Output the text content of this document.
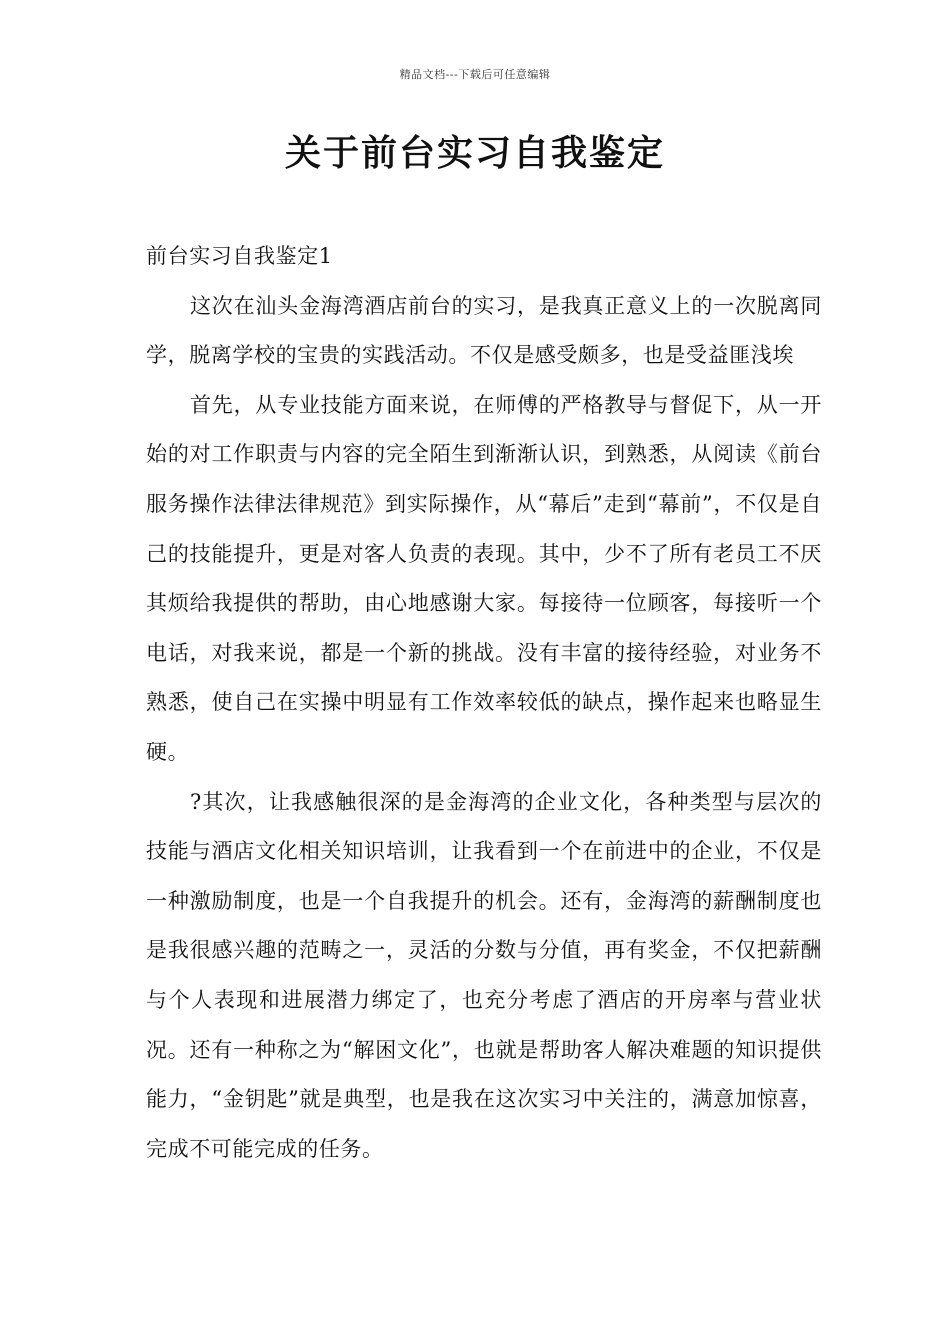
精品文档---下载后可任意编辑
关于前台实习自我鉴定

前台实习自我鉴定1

这次在汕头金海湾酒店前台的实习，是我真正意义上的一次脱离同学，脱离学校的宝贵的实践活动。不仅是感受颇多，也是受益匪浅埃

首先，从专业技能方面来说，在师傅的严格教导与督促下，从一开始的对工作职责与内容的完全陌生到渐渐认识，到熟悉，从阅读《前台服务操作法律法律规范》到实际操作，从“幕后”走到“幕前”，不仅是自己的技能提升，更是对客人负责的表现。其中，少不了所有老员工不厌其烦给我提供的帮助，由心地感谢大家。每接待一位顾客，每接听一个电话，对我来说，都是一个新的挑战。没有丰富的接待经验，对业务不熟悉，使自己在实操中明显有工作效率较低的缺点，操作起来也略显生硬。

?其次，让我感触很深的是金海湾的企业文化，各种类型与层次的技能与酒店文化相关知识培训，让我看到一个在前进中的企业，不仅是一种激励制度，也是一个自我提升的机会。还有，金海湾的薪酬制度也是我很感兴趣的范畴之一，灵活的分数与分值，再有奖金，不仅把薪酬与个人表现和进展潜力绑定了，也充分考虑了酒店的开房率与营业状况。还有一种称之为“解困文化”，也就是帮助客人解决难题的知识提供能力，“金钥匙”就是典型，也是我在这次实习中关注的，满意加惊喜，完成不可能完成的任务。
